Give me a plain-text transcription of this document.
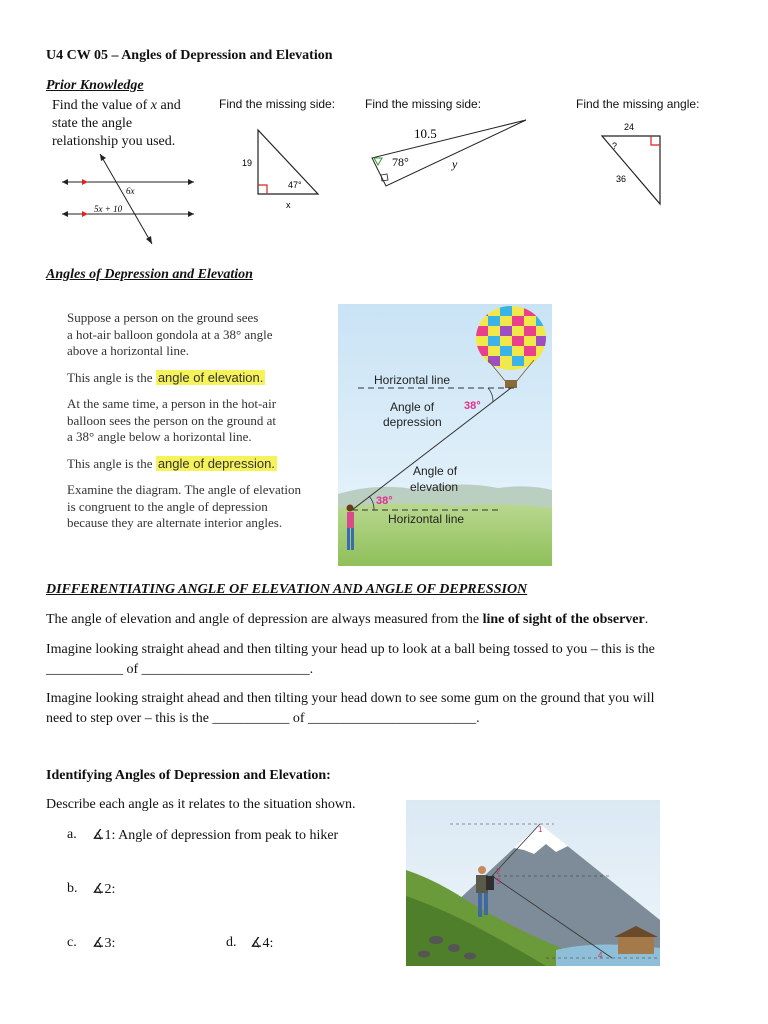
U4 CW 05 – Angles of Depression and Elevation
Prior Knowledge
Find the value of x and
state the angle
relationship you used.
6x
5x + 10
Find the missing side:
19
47°
x
Find the missing side:
10.5
78°	y
Find the missing angle:
24
?
36
Angles of Depression and Elevation

Suppose a person on the ground sees
a hot-air balloon gondola at a 38° angle
above a horizontal line.

This angle is the angle of elevation.

At the same time, a person in the hot-air
balloon sees the person on the ground at
a 38° angle below a horizontal line.

This angle is the angle of depression.

Examine the diagram. The angle of elevation
is congruent to the angle of depression
because they are alternate interior angles.

Horizontal line
Angle of
depression
38°
Angle of
elevation
38°
Horizontal line
DIFFERENTIATING ANGLE OF ELEVATION AND ANGLE OF DEPRESSION
The angle of elevation and angle of depression are always measured from the line of sight of the observer.
Imagine looking straight ahead and then tilting your head up to look at a ball being tossed to you – this is the
___________ of ________________________.
Imagine looking straight ahead and then tilting your head down to see some gum on the ground that you will
need to step over – this is the ___________ of ________________________.
Identifying Angles of Depression and Elevation:
Describe each angle as it relates to the situation shown.
a. ∡1: Angle of depression from peak to hiker
b. ∡2:
c. ∡3:	d. ∡4:
1
2
3
4
